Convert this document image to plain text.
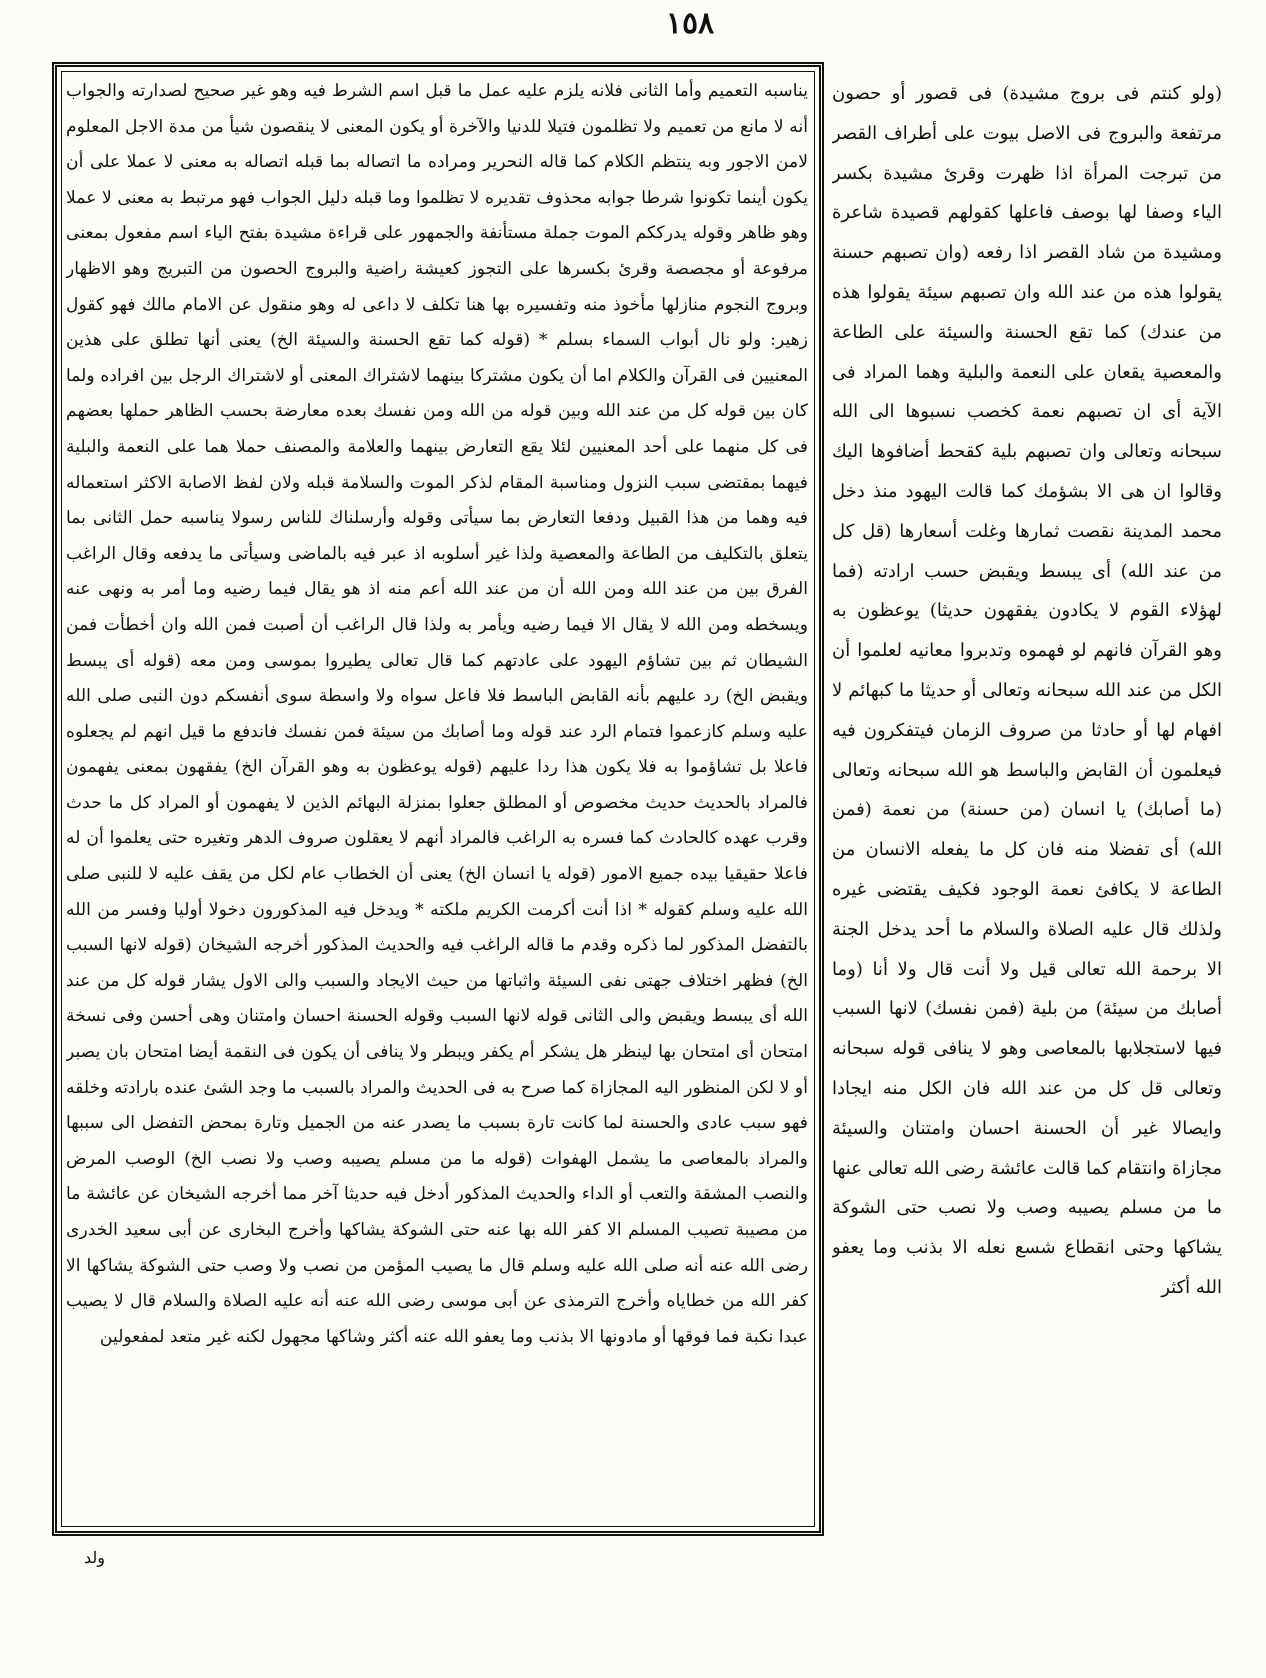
١٥٨
يناسبه التعميم وأما الثانى فلانه يلزم عليه عمل ما قبل اسم الشرط فيه وهو غير صحيح لصدارته والجواب أنه لا مانع من تعميم ولا تظلمون فتيلا للدنيا والآخرة أو يكون المعنى لا ينقصون شيأ من مدة الاجل المعلوم لامن الاجور وبه ينتظم الكلام كما قاله النحرير ومراده ما اتصاله بما قبله اتصاله به معنى لا عملا على أن يكون أينما تكونوا شرطا جوابه محذوف تقديره لا تظلموا وما قبله دليل الجواب فهو مرتبط به معنى لا عملا وهو ظاهر وقوله يدرككم الموت جملة مستأنفة والجمهور على قراءة مشيدة بفتح الياء اسم مفعول بمعنى مرفوعة أو مجصصة وقرئ بكسرها على التجوز كعيشة راضية والبروج الحصون من التبريج وهو الاظهار وبروج النجوم منازلها مأخوذ منه وتفسيره بها هنا تكلف لا داعى له وهو منقول عن الامام مالك فهو كقول زهير: ولو نال أبواب السماء بسلم * (قوله كما تقع الحسنة والسيئة الخ) يعنى أنها تطلق على هذين المعنيين فى القرآن والكلام اما أن يكون مشتركا بينهما لاشتراك المعنى أو لاشتراك الرجل بين افراده ولما كان بين قوله كل من عند الله وبين قوله من الله ومن نفسك بعده معارضة بحسب الظاهر حملها بعضهم فى كل منهما على أحد المعنيين لئلا يقع التعارض بينهما والعلامة والمصنف حملا هما على النعمة والبلية فيهما بمقتضى سبب النزول ومناسبة المقام لذكر الموت والسلامة قبله ولان لفظ الاصابة الاكثر استعماله فيه وهما من هذا القبيل ودفعا التعارض بما سيأتى وقوله وأرسلناك للناس رسولا يناسبه حمل الثانى بما يتعلق بالتكليف من الطاعة والمعصية ولذا غير أسلوبه اذ عبر فيه بالماضى وسيأتى ما يدفعه وقال الراغب الفرق بين من عند الله ومن الله أن من عند الله أعم منه اذ هو يقال فيما رضيه وما أمر به ونهى عنه ويسخطه ومن الله لا يقال الا فيما رضيه ويأمر به ولذا قال الراغب أن أصبت فمن الله وان أخطأت فمن الشيطان ثم بين تشاؤم اليهود على عادتهم كما قال تعالى يطيروا بموسى ومن معه (قوله أى يبسط ويقبض الخ) رد عليهم بأنه القابض الباسط فلا فاعل سواه ولا واسطة سوى أنفسكم دون النبى صلى الله عليه وسلم كازعموا فتمام الرد عند قوله وما أصابك من سيئة فمن نفسك فاندفع ما قيل انهم لم يجعلوه فاعلا بل تشاؤموا به فلا يكون هذا ردا عليهم (قوله يوعظون به وهو القرآن الخ) يفقهون بمعنى يفهمون فالمراد بالحديث حديث مخصوص أو المطلق جعلوا بمنزلة البهائم الذين لا يفهمون أو المراد كل ما حدث وقرب عهده كالحادث كما فسره به الراغب فالمراد أنهم لا يعقلون صروف الدهر وتغيره حتى يعلموا أن له فاعلا حقيقيا بيده جميع الامور (قوله يا انسان الخ) يعنى أن الخطاب عام لكل من يقف عليه لا للنبى صلى الله عليه وسلم كقوله * اذا أنت أكرمت الكريم ملكته * ويدخل فيه المذكورون دخولا أوليا وفسر من الله بالتفضل المذكور لما ذكره وقدم ما قاله الراغب فيه والحديث المذكور أخرجه الشيخان (قوله لانها السبب الخ) فظهر اختلاف جهتى نفى السيئة واثباتها من حيث الايجاد والسبب والى الاول يشار قوله كل من عند الله أى يبسط ويقبض والى الثانى قوله لانها السبب وقوله الحسنة احسان وامتنان وهى أحسن وفى نسخة امتحان أى امتحان بها لينظر هل يشكر أم يكفر ويبطر ولا ينافى أن يكون فى النقمة أيضا امتحان بان يصبر أو لا لكن المنظور اليه المجازاة كما صرح به فى الحديث والمراد بالسبب ما وجد الشئ عنده بارادته وخلقه فهو سبب عادى والحسنة لما كانت تارة بسبب ما يصدر عنه من الجميل وتارة بمحض التفضل الى سببها والمراد بالمعاصى ما يشمل الهفوات (قوله ما من مسلم يصيبه وصب ولا نصب الخ) الوصب المرض والنصب المشقة والتعب أو الداء والحديث المذكور أدخل فيه حديثا آخر مما أخرجه الشيخان عن عائشة ما من مصيبة تصيب المسلم الا كفر الله بها عنه حتى الشوكة يشاكها وأخرج البخارى عن أبى سعيد الخدرى رضى الله عنه أنه صلى الله عليه وسلم قال ما يصيب المؤمن من نصب ولا وصب حتى الشوكة يشاكها الا كفر الله من خطاياه وأخرج الترمذى عن أبى موسى رضى الله عنه أنه عليه الصلاة والسلام قال لا يصيب عبدا نكبة فما فوقها أو مادونها الا بذنب وما يعفو الله عنه أكثر وشاكها مجهول لكنه غير متعد لمفعولين
(ولو كنتم فى بروج مشيدة) فى قصور أو حصون مرتفعة والبروج فى الاصل بيوت على أطراف القصر من تبرجت المرأة اذا ظهرت وقرئ مشيدة بكسر الياء وصفا لها بوصف فاعلها كقولهم قصيدة شاعرة ومشيدة من شاد القصر اذا رفعه (وان تصبهم حسنة يقولوا هذه من عند الله وان تصبهم سيئة يقولوا هذه من عندك) كما تقع الحسنة والسيئة على الطاعة والمعصية يقعان على النعمة والبلية وهما المراد فى الآية أى ان تصبهم نعمة كخصب نسبوها الى الله سبحانه وتعالى وان تصبهم بلية كقحط أضافوها اليك وقالوا ان هى الا بشؤمك كما قالت اليهود منذ دخل محمد المدينة نقصت ثمارها وغلت أسعارها (قل كل من عند الله) أى يبسط ويقبض حسب ارادته (فما لهؤلاء القوم لا يكادون يفقهون حديثا) يوعظون به وهو القرآن فانهم لو فهموه وتدبروا معانيه لعلموا أن الكل من عند الله سبحانه وتعالى أو حديثا ما كبهائم لا افهام لها أو حادثا من صروف الزمان فيتفكرون فيه فيعلمون أن القابض والباسط هو الله سبحانه وتعالى (ما أصابك) يا انسان (من حسنة) من نعمة (فمن الله) أى تفضلا منه فان كل ما يفعله الانسان من الطاعة لا يكافئ نعمة الوجود فكيف يقتضى غيره ولذلك قال عليه الصلاة والسلام ما أحد يدخل الجنة الا برحمة الله تعالى قيل ولا أنت قال ولا أنا (وما أصابك من سيئة) من بلية (فمن نفسك) لانها السبب فيها لاستجلابها بالمعاصى وهو لا ينافى قوله سبحانه وتعالى قل كل من عند الله فان الكل منه ايجادا وايصالا غير أن الحسنة احسان وامتنان والسيئة مجازاة وانتقام كما قالت عائشة رضى الله تعالى عنها ما من مسلم يصيبه وصب ولا نصب حتى الشوكة يشاكها وحتى انقطاع شسع نعله الا بذنب وما يعفو الله أكثر
ولد
